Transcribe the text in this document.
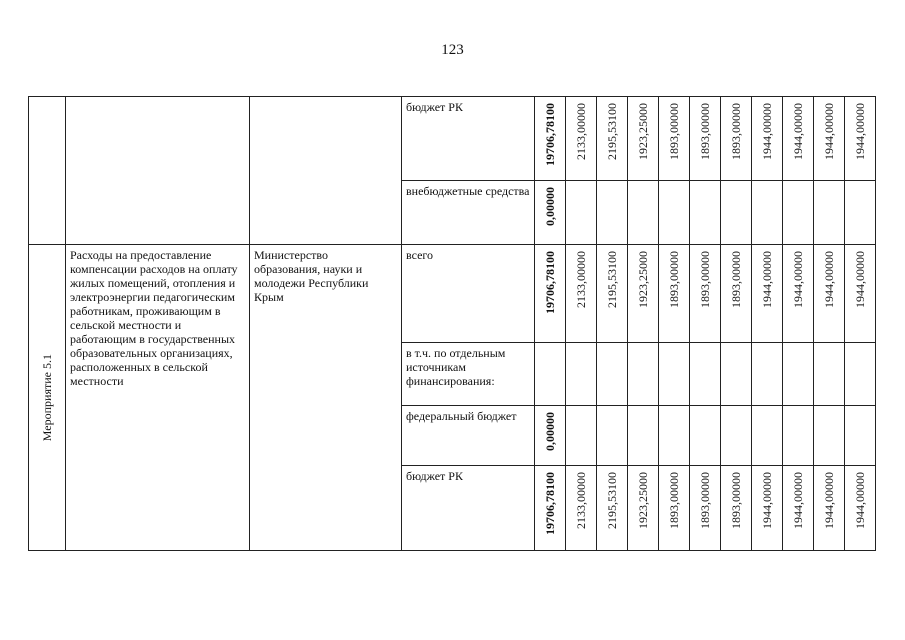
123

			бюджет РК	19706,78100	2133,00000	2195,53100	1923,25000	1893,00000	1893,00000	1893,00000	1944,00000	1944,00000	1944,00000	1944,00000

			внебюджетные средства	0,00000										

Мероприятие 5.1	Расходы на предоставление компенсации расходов на оплату жилых помещений, отопления и электроэнергии педагогическим работникам, проживающим в сельской местности и работающим в государственных образовательных организациях, расположенных в сельской местности	Министерство образования, науки и молодежи Республики Крым	всего	19706,78100	2133,00000	2195,53100	1923,25000	1893,00000	1893,00000	1893,00000	1944,00000	1944,00000	1944,00000	1944,00000

			в т.ч. по отдельным источникам финансирования:											

			федеральный бюджет	0,00000										

			бюджет РК	19706,78100	2133,00000	2195,53100	1923,25000	1893,00000	1893,00000	1893,00000	1944,00000	1944,00000	1944,00000	1944,00000
